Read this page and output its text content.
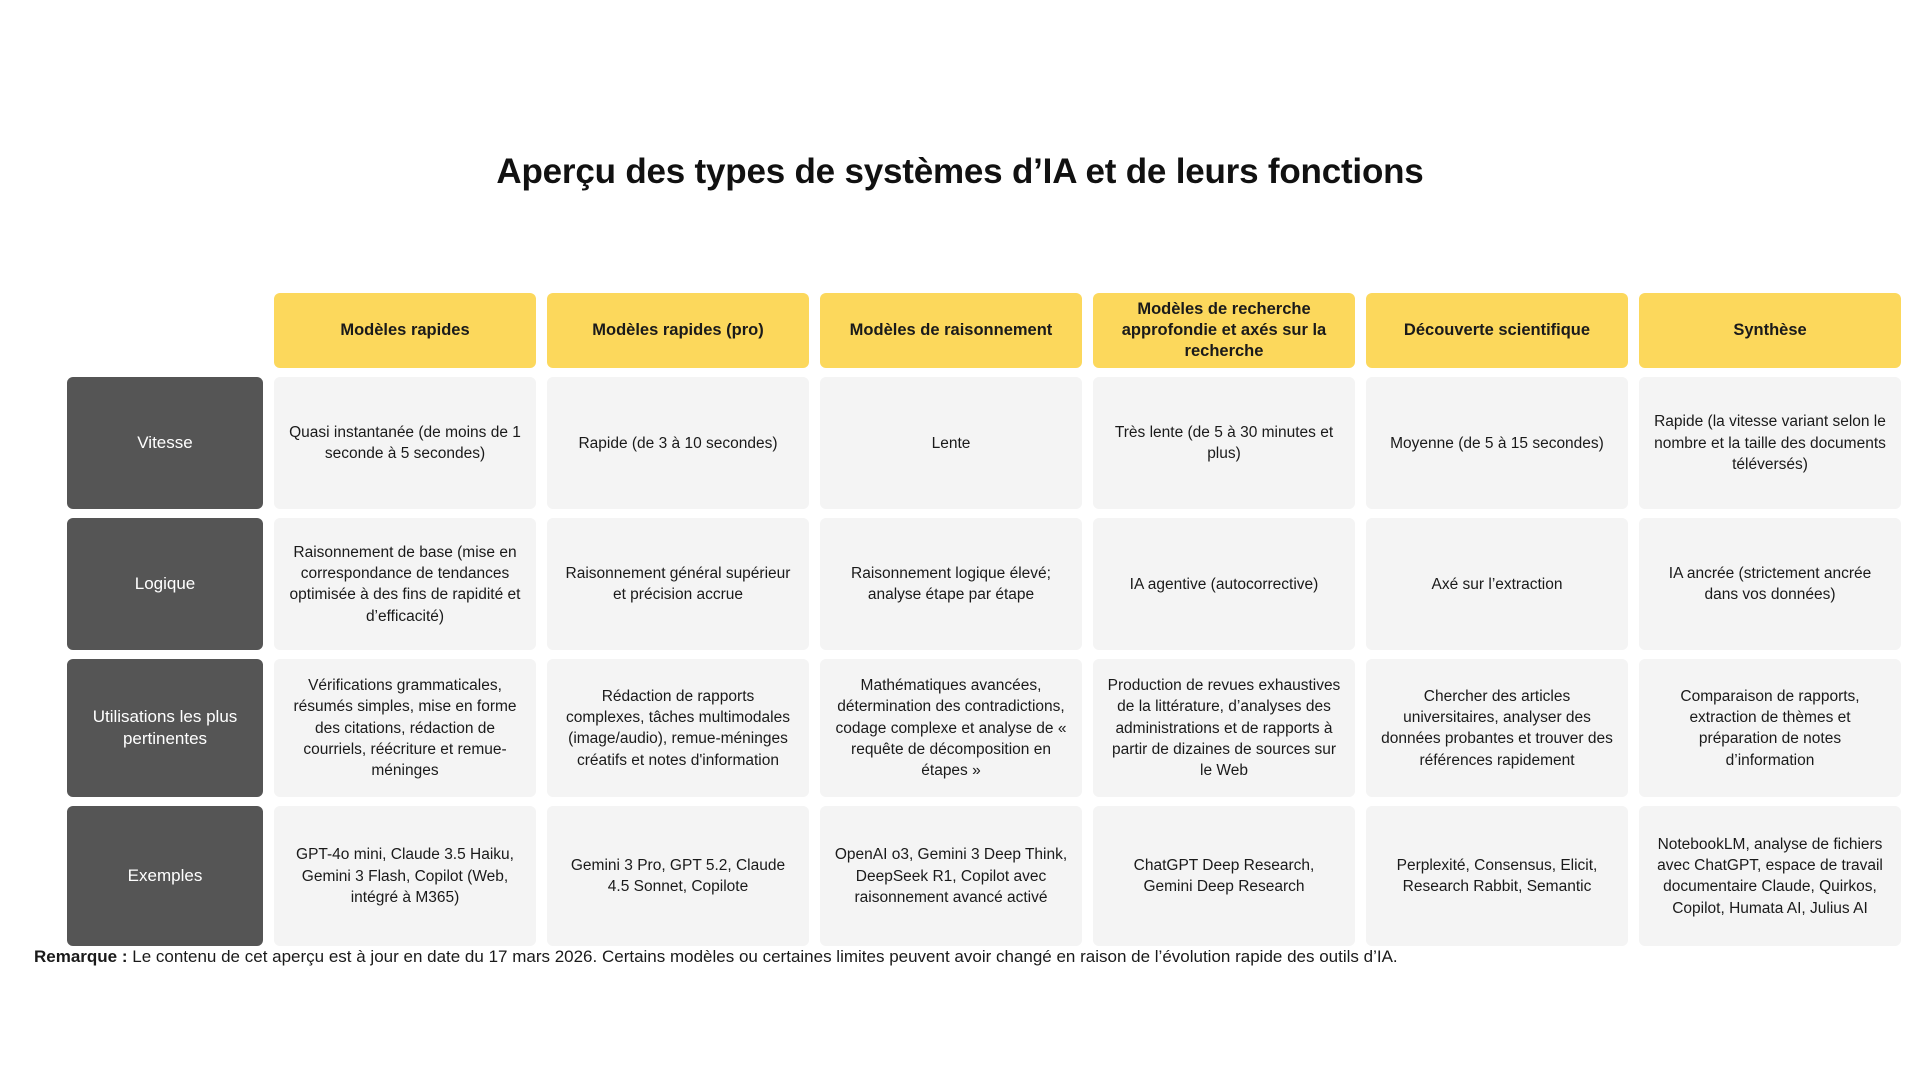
Aperçu des types de systèmes d’IA et de leurs fonctions
	Modèles rapides	Modèles rapides (pro)	Modèles de raisonnement	Modèles de recherche approfondie et axés sur la recherche	Découverte scientifique	Synthèse
Vitesse	Quasi instantanée (de moins de 1 seconde à 5 secondes)	Rapide (de 3 à 10 secondes)	Lente	Très lente (de 5 à 30 minutes et plus)	Moyenne (de 5 à 15 secondes)	Rapide (la vitesse variant selon le nombre et la taille des documents téléversés)
Logique	Raisonnement de base (mise en correspondance de tendances optimisée à des fins de rapidité et d’efficacité)	Raisonnement général supérieur et précision accrue	Raisonnement logique élevé; analyse étape par étape	IA agentive (autocorrective)	Axé sur l’extraction	IA ancrée (strictement ancrée dans vos données)
Utilisations les plus pertinentes	Vérifications grammaticales, résumés simples, mise en forme des citations, rédaction de courriels, réécriture et remue-méninges	Rédaction de rapports complexes, tâches multimodales (image/audio), remue-méninges créatifs et notes d'information	Mathématiques avancées, détermination des contradictions, codage complexe et analyse de « requête de décomposition en étapes »	Production de revues exhaustives de la littérature, d’analyses des administrations et de rapports à partir de dizaines de sources sur le Web	Chercher des articles universitaires, analyser des données probantes et trouver des références rapidement	Comparaison de rapports, extraction de thèmes et préparation de notes d’information
Exemples	GPT-4o mini, Claude 3.5 Haiku, Gemini 3 Flash, Copilot (Web, intégré à M365)	Gemini 3 Pro, GPT 5.2, Claude 4.5 Sonnet, Copilote	OpenAI o3, Gemini 3 Deep Think, DeepSeek R1, Copilot avec raisonnement avancé activé	ChatGPT Deep Research, Gemini Deep Research	Perplexité, Consensus, Elicit, Research Rabbit, Semantic	NotebookLM, analyse de fichiers avec ChatGPT, espace de travail documentaire Claude, Quirkos, Copilot, Humata AI, Julius AI
Remarque : Le contenu de cet aperçu est à jour en date du 17 mars 2026. Certains modèles ou certaines limites peuvent avoir changé en raison de l’évolution rapide des outils d’IA.
